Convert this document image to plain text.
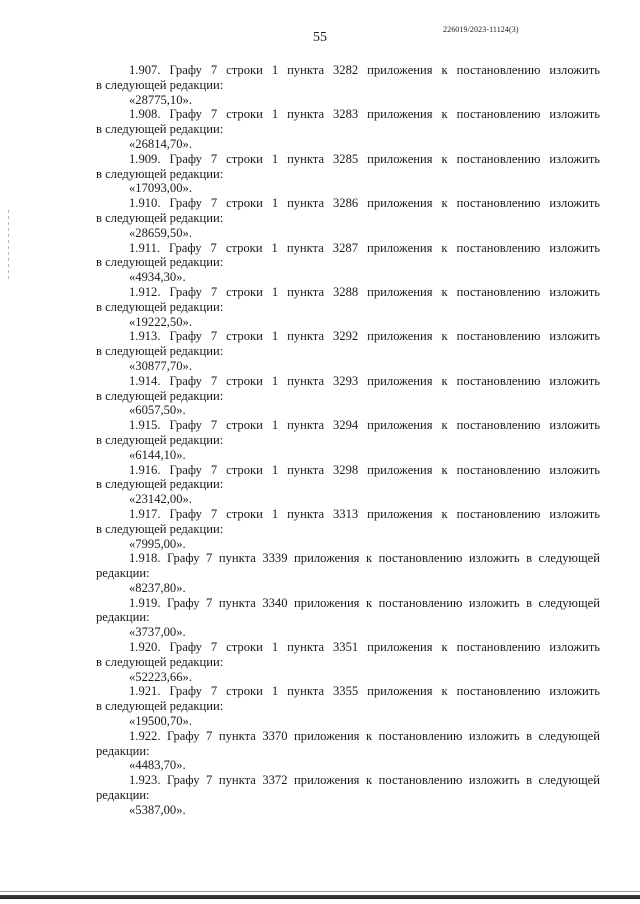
55
226019/2023-11124(3)
1.907. Графу 7 строки 1 пункта 3282 приложения к постановлению изложить
в следующей редакции:
«28775,10».
1.908. Графу 7 строки 1 пункта 3283 приложения к постановлению изложить
в следующей редакции:
«26814,70».
1.909. Графу 7 строки 1 пункта 3285 приложения к постановлению изложить
в следующей редакции:
«17093,00».
1.910. Графу 7 строки 1 пункта 3286 приложения к постановлению изложить
в следующей редакции:
«28659,50».
1.911. Графу 7 строки 1 пункта 3287 приложения к постановлению изложить
в следующей редакции:
«4934,30».
1.912. Графу 7 строки 1 пункта 3288 приложения к постановлению изложить
в следующей редакции:
«19222,50».
1.913. Графу 7 строки 1 пункта 3292 приложения к постановлению изложить
в следующей редакции:
«30877,70».
1.914. Графу 7 строки 1 пункта 3293 приложения к постановлению изложить
в следующей редакции:
«6057,50».
1.915. Графу 7 строки 1 пункта 3294 приложения к постановлению изложить
в следующей редакции:
«6144,10».
1.916. Графу 7 строки 1 пункта 3298 приложения к постановлению изложить
в следующей редакции:
«23142,00».
1.917. Графу 7 строки 1 пункта 3313 приложения к постановлению изложить
в следующей редакции:
«7995,00».
1.918. Графу 7 пункта 3339 приложения к постановлению изложить в следующей
редакции:
«8237,80».
1.919. Графу 7 пункта 3340 приложения к постановлению изложить в следующей
редакции:
«3737,00».
1.920. Графу 7 строки 1 пункта 3351 приложения к постановлению изложить
в следующей редакции:
«52223,66».
1.921. Графу 7 строки 1 пункта 3355 приложения к постановлению изложить
в следующей редакции:
«19500,70».
1.922. Графу 7 пункта 3370 приложения к постановлению изложить в следующей
редакции:
«4483,70».
1.923. Графу 7 пункта 3372 приложения к постановлению изложить в следующей
редакции:
«5387,00».
